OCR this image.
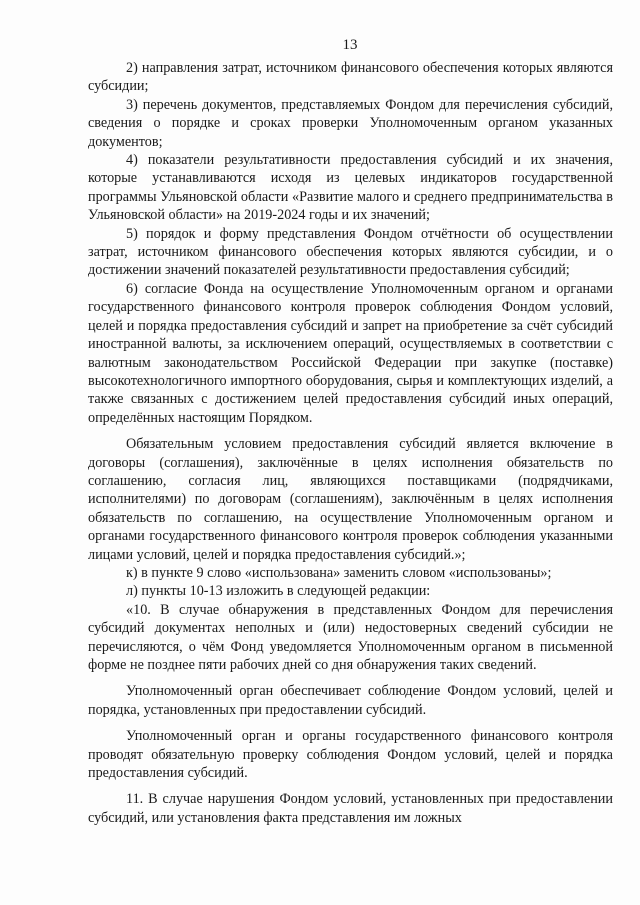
13

2) направления затрат, источником финансового обеспечения которых являются субсидии;

3) перечень документов, представляемых Фондом для перечисления субсидий, сведения о порядке и сроках проверки Уполномоченным органом указанных документов;

4) показатели результативности предоставления субсидий и их значения, которые устанавливаются исходя из целевых индикаторов государственной программы Ульяновской области «Развитие малого и среднего предпринимательства в Ульяновской области» на 2019-2024 годы и их значений;

5) порядок и форму представления Фондом отчётности об осуществлении затрат, источником финансового обеспечения которых являются субсидии, и о достижении значений показателей результативности предоставления субсидий;

6) согласие Фонда на осуществление Уполномоченным органом и органами государственного финансового контроля проверок соблюдения Фондом условий, целей и порядка предоставления субсидий и запрет на приобретение за счёт субсидий иностранной валюты, за исключением операций, осуществляемых в соответствии с валютным законодательством Российской Федерации при закупке (поставке) высокотехнологичного импортного оборудования, сырья и комплектующих изделий, а также связанных с достижением целей предоставления субсидий иных операций, определённых настоящим Порядком.

Обязательным условием предоставления субсидий является включение в договоры (соглашения), заключённые в целях исполнения обязательств по соглашению, согласия лиц, являющихся поставщиками (подрядчиками, исполнителями) по договорам (соглашениям), заключённым в целях исполнения обязательств по соглашению, на осуществление Уполномоченным органом и органами государственного финансового контроля проверок соблюдения указанными лицами условий, целей и порядка предоставления субсидий.»;

к) в пункте 9 слово «использована» заменить словом «использованы»;

л) пункты 10-13 изложить в следующей редакции:

«10. В случае обнаружения в представленных Фондом для перечисления субсидий документах неполных и (или) недостоверных сведений субсидии не перечисляются, о чём Фонд уведомляется Уполномоченным органом в письменной форме не позднее пяти рабочих дней со дня обнаружения таких сведений.

Уполномоченный орган обеспечивает соблюдение Фондом условий, целей и порядка, установленных при предоставлении субсидий.

Уполномоченный орган и органы государственного финансового контроля проводят обязательную проверку соблюдения Фондом условий, целей и порядка предоставления субсидий.

11. В случае нарушения Фондом условий, установленных при предоставлении субсидий, или установления факта представления им ложных
